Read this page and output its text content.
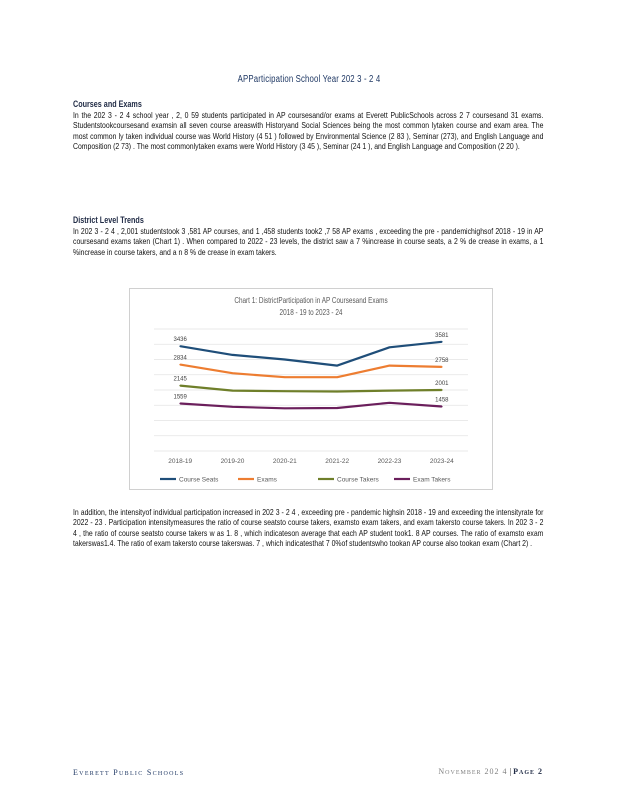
APParticipation School Year 202 3 - 2 4
Courses and Exams

In the 202 3 - 2 4 school year , 2, 0 59 students participated in AP coursesand/or exams at Everett PublicSchools across 2 7 coursesand 31 exams. Studentstookcoursesand examsin all seven course areaswith Historyand Social Sciences being the most common lytaken course and exam area. The most common ly taken individual course was World History (4 51 ) followed by Environmental Science (2 83 ), Seminar (273), and English Language and Composition (2 73) . The most commonlytaken exams were World History (3 45 ), Seminar (24 1 ), and English Language and Composition (2 20 ).

District Level Trends

In 202 3 - 2 4 , 2,001 studentstook 3 ,581 AP courses, and 1 ,458 students took2 ,7 58 AP exams , exceeding the pre - pandemichighsof 2018 - 19 in AP coursesand exams taken (Chart 1) . When compared to 2022 - 23 levels, the district saw a 7 %increase in course seats, a 2 % de crease in exams, a 1 %increase in course takers, and a n 8 % de crease in exam takers.

Chart 1: DistrictParticipation in AP Coursesand Exams
2018 - 19 to 2023 - 24
2018-19	2019-20	2020-21	2021-22	2022-23	2023-24
3436
2834
2145
1559
3581
2758
2001
1458
Course Seats	Exams	Course Takers	Exam Takers

In addition, the intensityof individual participation increased in 202 3 - 2 4 , exceeding pre - pandemic highsin 2018 - 19 and exceeding the intensityrate for 2022 - 23 . Participation intensitymeasures the ratio of course seatsto course takers, examsto exam takers, and exam takersto course takers. In 202 3 - 2 4 , the ratio of course seatsto course takers w as 1. 8 , which indicateson average that each AP student took1. 8 AP courses. The ratio of examsto exam takerswas1.4. The ratio of exam takersto course takerswas. 7 , which indicatesthat 7 0%of studentswho tookan AP course also tookan exam (Chart 2) .

Everett Public Schools	November 202 4 | Page 2
